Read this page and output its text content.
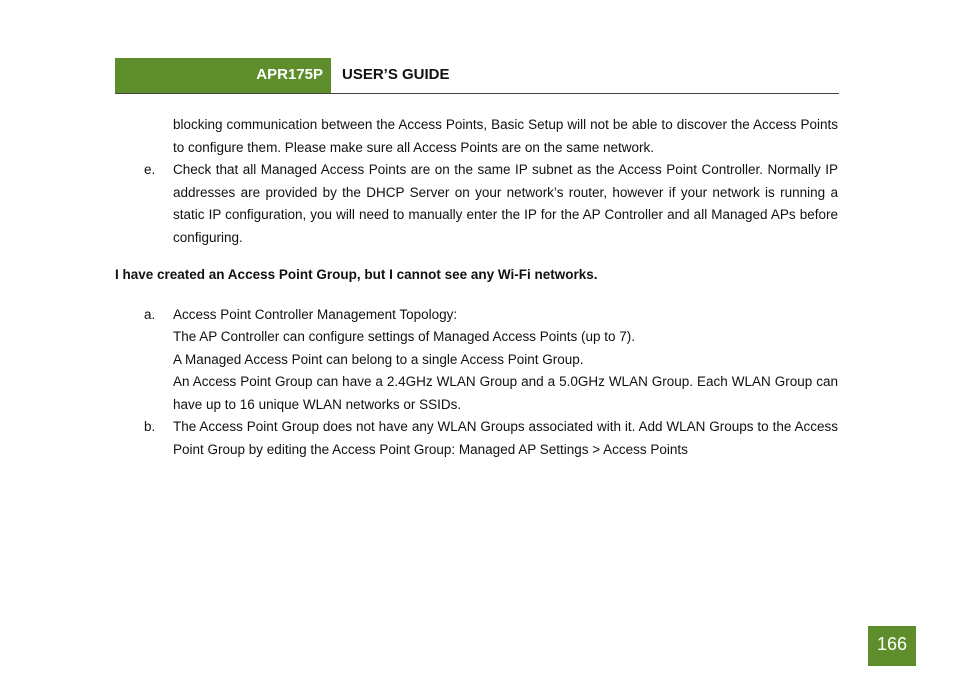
APR175P USER’S GUIDE

blocking communication between the Access Points, Basic Setup will not be able to discover the Access Points to configure them. Please make sure all Access Points are on the same network.

e. Check that all Managed Access Points are on the same IP subnet as the Access Point Controller. Normally IP addresses are provided by the DHCP Server on your network’s router, however if your network is running a static IP configuration, you will need to manually enter the IP for the AP Controller and all Managed APs before configuring.

I have created an Access Point Group, but I cannot see any Wi-Fi networks.
a. Access Point Controller Management Topology:

The AP Controller can configure settings of Managed Access Points (up to 7).

A Managed Access Point can belong to a single Access Point Group.

An Access Point Group can have a 2.4GHz WLAN Group and a 5.0GHz WLAN Group. Each WLAN Group can have up to 16 unique WLAN networks or SSIDs.

b. The Access Point Group does not have any WLAN Groups associated with it. Add WLAN Groups to the Access Point Group by editing the Access Point Group: Managed AP Settings > Access Points

166
